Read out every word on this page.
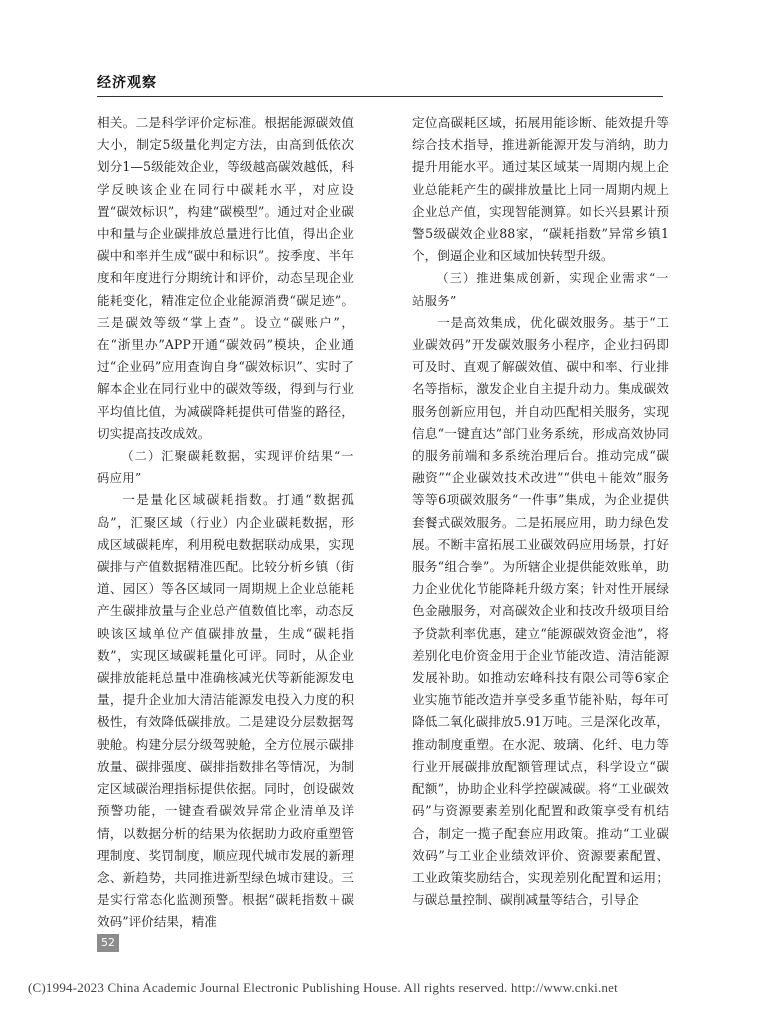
经济观察

相关。二是科学评价定标准。根据能源碳效值大小，制定5级量化判定方法，由高到低依次划分1—5级能效企业，等级越高碳效越低，科学反映该企业在同行中碳耗水平，对应设置“碳效标识”，构建“碳模型”。通过对企业碳中和量与企业碳排放总量进行比值，得出企业碳中和率并生成“碳中和标识”。按季度、半年度和年度进行分期统计和评价，动态呈现企业能耗变化，精准定位企业能源消费“碳足迹”。三是碳效等级“掌上查”。设立“碳账户”，在“浙里办”APP开通“碳效码”模块，企业通过“企业码”应用查询自身“碳效标识”、实时了解本企业在同行业中的碳效等级，得到与行业平均值比值，为减碳降耗提供可借鉴的路径，切实提高技改成效。

（二）汇聚碳耗数据，实现评价结果“一码应用”

一是量化区域碳耗指数。打通“数据孤岛”，汇聚区域（行业）内企业碳耗数据，形成区域碳耗库，利用税电数据联动成果，实现碳排与产值数据精准匹配。比较分析乡镇（街道、园区）等各区域同一周期规上企业总能耗产生碳排放量与企业总产值数值比率，动态反映该区域单位产值碳排放量，生成“碳耗指数”，实现区域碳耗量化可评。同时，从企业碳排放能耗总量中准确核减光伏等新能源发电量，提升企业加大清洁能源发电投入力度的积极性，有效降低碳排放。二是建设分层数据驾驶舱。构建分层分级驾驶舱，全方位展示碳排放量、碳排强度、碳排指数排名等情况，为制定区域碳治理指标提供依据。同时，创设碳效预警功能，一键查看碳效异常企业清单及详情，以数据分析的结果为依据助力政府重塑管理制度、奖罚制度，顺应现代城市发展的新理念、新趋势，共同推进新型绿色城市建设。三是实行常态化监测预警。根据“碳耗指数＋碳效码”评价结果，精准

定位高碳耗区域，拓展用能诊断、能效提升等综合技术指导，推进新能源开发与消纳，助力提升用能水平。通过某区域某一周期内规上企业总能耗产生的碳排放量比上同一周期内规上企业总产值，实现智能测算。如长兴县累计预警5级碳效企业88家，“碳耗指数”异常乡镇1个，倒逼企业和区域加快转型升级。

（三）推进集成创新，实现企业需求“一站服务”

一是高效集成，优化碳效服务。基于“工业碳效码”开发碳效服务小程序，企业扫码即可及时、直观了解碳效值、碳中和率、行业排名等指标，激发企业自主提升动力。集成碳效服务创新应用包，并自动匹配相关服务，实现信息“一键直达”部门业务系统，形成高效协同的服务前端和多系统治理后台。推动完成“碳融资”“企业碳效技术改进”“供电＋能效”服务等等6项碳效服务“一件事”集成，为企业提供套餐式碳效服务。二是拓展应用，助力绿色发展。不断丰富拓展工业碳效码应用场景，打好服务“组合拳”。为所辖企业提供能效账单，助力企业优化节能降耗升级方案；针对性开展绿色金融服务，对高碳效企业和技改升级项目给予贷款利率优惠，建立“能源碳效资金池”，将差别化电价资金用于企业节能改造、清洁能源发展补助。如推动宏峰科技有限公司等6家企业实施节能改造并享受多重节能补贴，每年可降低二氧化碳排放5.91万吨。三是深化改革，推动制度重塑。在水泥、玻璃、化纤、电力等行业开展碳排放配额管理试点，科学设立“碳配额”，协助企业科学控碳减碳。将“工业碳效码”与资源要素差别化配置和政策享受有机结合，制定一揽子配套应用政策。推动“工业碳效码”与工业企业绩效评价、资源要素配置、工业政策奖励结合，实现差别化配置和运用；与碳总量控制、碳削减量等结合，引导企

52
(C)1994-2023 China Academic Journal Electronic Publishing House. All rights reserved. http://www.cnki.net
